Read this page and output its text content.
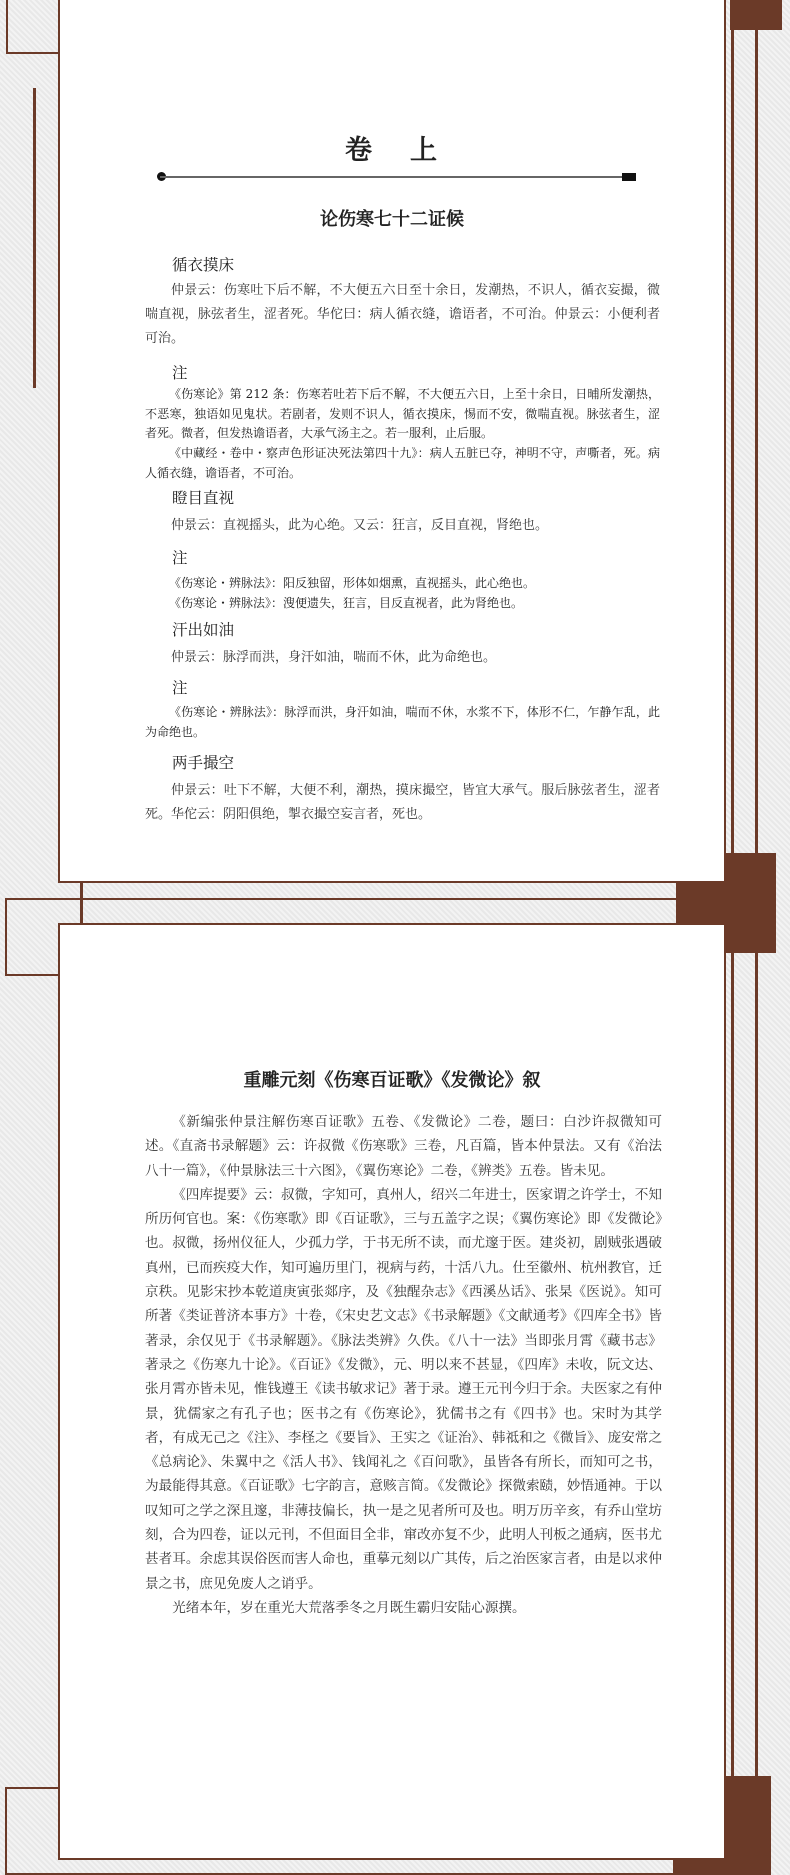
卷 上
论伤寒七十二证候
循衣摸床
仲景云：伤寒吐下后不解，不大便五六日至十余日，发潮热，不识人，循衣妄撮，微喘直视，脉弦者生，涩者死。华佗曰：病人循衣缝，谵语者，不可治。仲景云：小便利者可治。
注
《伤寒论》第 212 条：伤寒若吐若下后不解，不大便五六日，上至十余日，日晡所发潮热，不恶寒，独语如见鬼状。若剧者，发则不识人，循衣摸床，惕而不安，微喘直视。脉弦者生，涩者死。微者，但发热谵语者，大承气汤主之。若一服利，止后服。
《中藏经・卷中・察声色形证决死法第四十九》：病人五脏已夺，神明不守，声嘶者，死。病人循衣缝，谵语者，不可治。
瞪目直视
仲景云：直视摇头，此为心绝。又云：狂言，反目直视，肾绝也。
注
《伤寒论・辨脉法》：阳反独留，形体如烟熏，直视摇头，此心绝也。
《伤寒论・辨脉法》：溲便遗失，狂言，目反直视者，此为肾绝也。
汗出如油
仲景云：脉浮而洪，身汗如油，喘而不休，此为命绝也。
注
《伤寒论・辨脉法》：脉浮而洪，身汗如油，喘而不休，水浆不下，体形不仁，乍静乍乱，此为命绝也。
两手撮空
仲景云：吐下不解，大便不利，潮热，摸床撮空，皆宜大承气。服后脉弦者生，涩者死。华佗云：阴阳俱绝，掣衣撮空妄言者，死也。
重雕元刻《伤寒百证歌》《发微论》叙

《新编张仲景注解伤寒百证歌》五卷、《发微论》二卷，题曰：白沙许叔微知可述。《直斋书录解题》云：许叔微《伤寒歌》三卷，凡百篇，皆本仲景法。又有《治法八十一篇》，《仲景脉法三十六图》，《翼伤寒论》二卷，《辨类》五卷。皆未见。

《四库提要》云：叔微，字知可，真州人，绍兴二年进士，医家谓之许学士，不知所历何官也。案：《伤寒歌》即《百证歌》，三与五盖字之误；《翼伤寒论》即《发微论》也。叔微，扬州仪征人，少孤力学，于书无所不读，而尤邃于医。建炎初，剧贼张遇破真州，已而疾疫大作，知可遍历里门，视病与药，十活八九。仕至徽州、杭州教官，迁京秩。见影宋抄本乾道庚寅张郯序，及《独醒杂志》《西溪丛话》、张杲《医说》。知可所著《类证普济本事方》十卷，《宋史艺文志》《书录解题》《文献通考》《四库全书》皆著录，余仅见于《书录解题》。《脉法类辨》久佚。《八十一法》当即张月霄《藏书志》著录之《伤寒九十论》。《百证》《发微》，元、明以来不甚显，《四库》未收，阮文达、张月霄亦皆未见，惟钱遵王《读书敏求记》著于录。遵王元刊今归于余。夫医家之有仲景，犹儒家之有孔子也；医书之有《伤寒论》，犹儒书之有《四书》也。宋时为其学者，有成无己之《注》、李柽之《要旨》、王实之《证治》、韩祗和之《微旨》、庞安常之《总病论》、朱翼中之《活人书》、钱闻礼之《百问歌》，虽皆各有所长，而知可之书，为最能得其意。《百证歌》七字韵言，意赅言简。《发微论》探微索赜，妙悟通神。于以叹知可之学之深且邃，非薄技偏长，执一是之见者所可及也。明万历辛亥，有乔山堂坊刻，合为四卷，证以元刊，不但面目全非，窜改亦复不少，此明人刊板之通病，医书尤甚者耳。余虑其误俗医而害人命也，重摹元刻以广其传，后之治医家言者，由是以求仲景之书，庶见免废人之诮乎。

光绪本年，岁在重光大荒落季冬之月既生霸归安陆心源撰。
